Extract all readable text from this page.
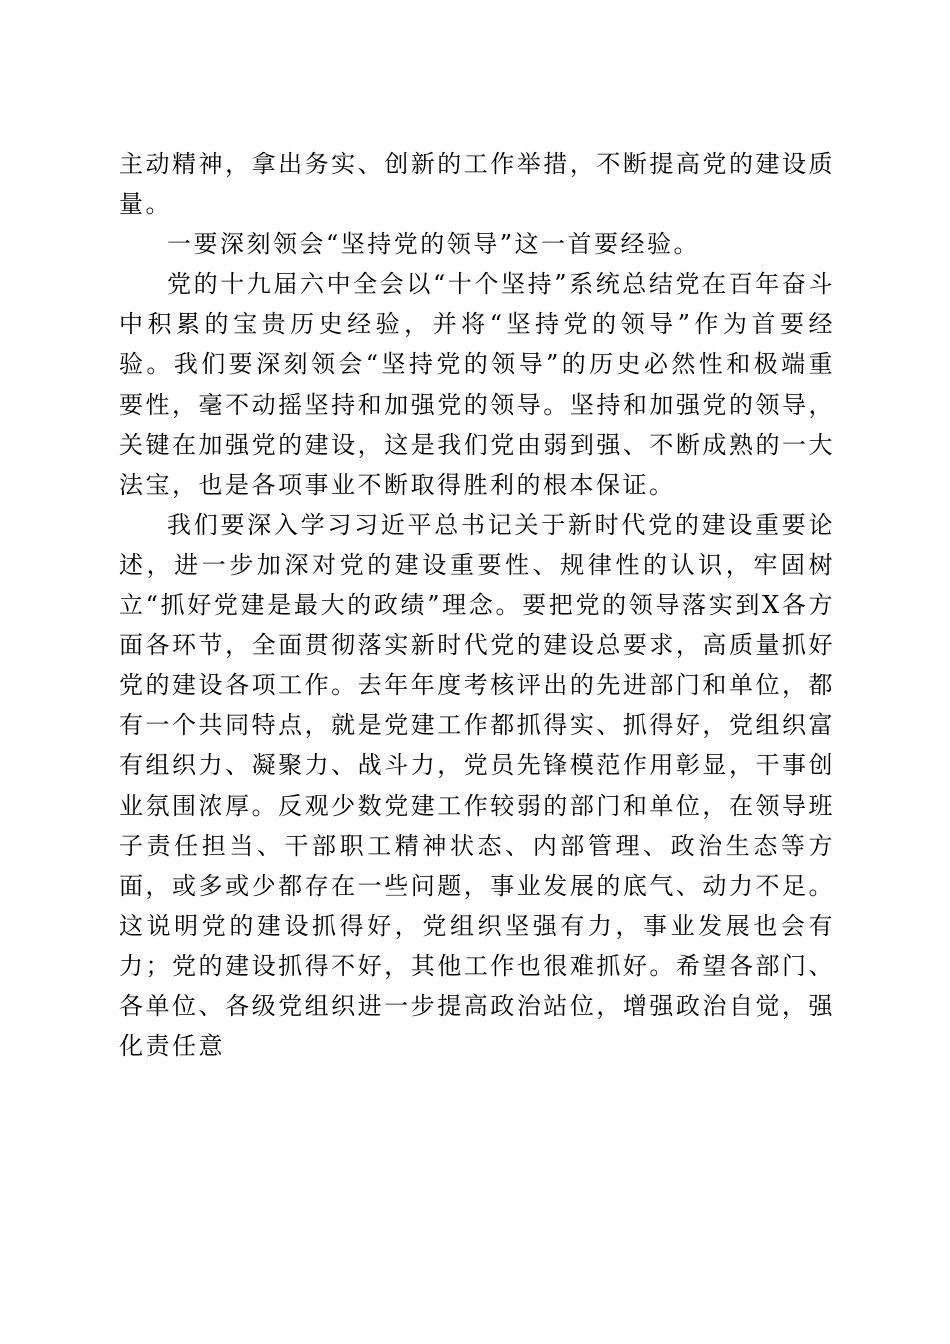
主动精神，拿出务实、创新的工作举措，不断提高党的建设质量。

一要深刻领会“坚持党的领导”这一首要经验。

党的十九届六中全会以“十个坚持”系统总结党在百年奋斗中积累的宝贵历史经验，并将“坚持党的领导”作为首要经验。我们要深刻领会“坚持党的领导”的历史必然性和极端重要性，毫不动摇坚持和加强党的领导。坚持和加强党的领导，关键在加强党的建设，这是我们党由弱到强、不断成熟的一大法宝，也是各项事业不断取得胜利的根本保证。

我们要深入学习习近平总书记关于新时代党的建设重要论述，进一步加深对党的建设重要性、规律性的认识，牢固树立“抓好党建是最大的政绩”理念。要把党的领导落实到X各方面各环节，全面贯彻落实新时代党的建设总要求，高质量抓好党的建设各项工作。去年年度考核评出的先进部门和单位，都有一个共同特点，就是党建工作都抓得实、抓得好，党组织富有组织力、凝聚力、战斗力，党员先锋模范作用彰显，干事创业氛围浓厚。反观少数党建工作较弱的部门和单位，在领导班子责任担当、干部职工精神状态、内部管理、政治生态等方面，或多或少都存在一些问题，事业发展的底气、动力不足。这说明党的建设抓得好，党组织坚强有力，事业发展也会有力；党的建设抓得不好，其他工作也很难抓好。希望各部门、各单位、各级党组织进一步提高政治站位，增强政治自觉，强化责任意
